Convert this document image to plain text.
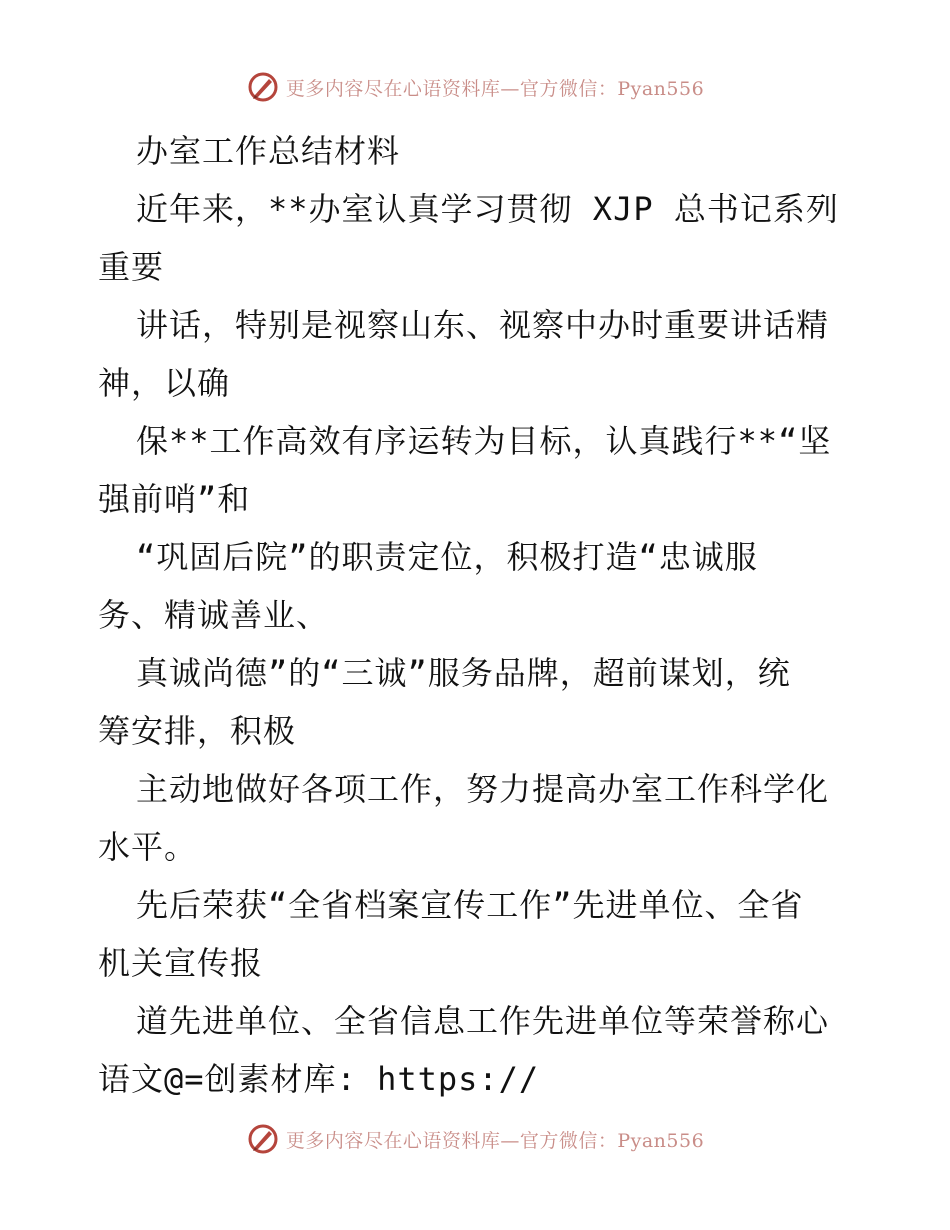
更多内容尽在心语资料库—官方微信：Pyan556
办室工作总结材料
近年来，**办室认真学习贯彻 XJP 总书记系列
重要
讲话，特别是视察山东、视察中办时重要讲话精
神，以确
保**工作高效有序运转为目标，认真践行**“坚
强前哨”和
“巩固后院”的职责定位，积极打造“忠诚服
务、精诚善业、
真诚尚德”的“三诚”服务品牌，超前谋划，统
筹安排，积极
主动地做好各项工作，努力提高办室工作科学化
水平。
先后荣获“全省档案宣传工作”先进单位、全省
机关宣传报
道先进单位、全省信息工作先进单位等荣誉称心
语文@=创素材库: https://
更多内容尽在心语资料库—官方微信：Pyan556
